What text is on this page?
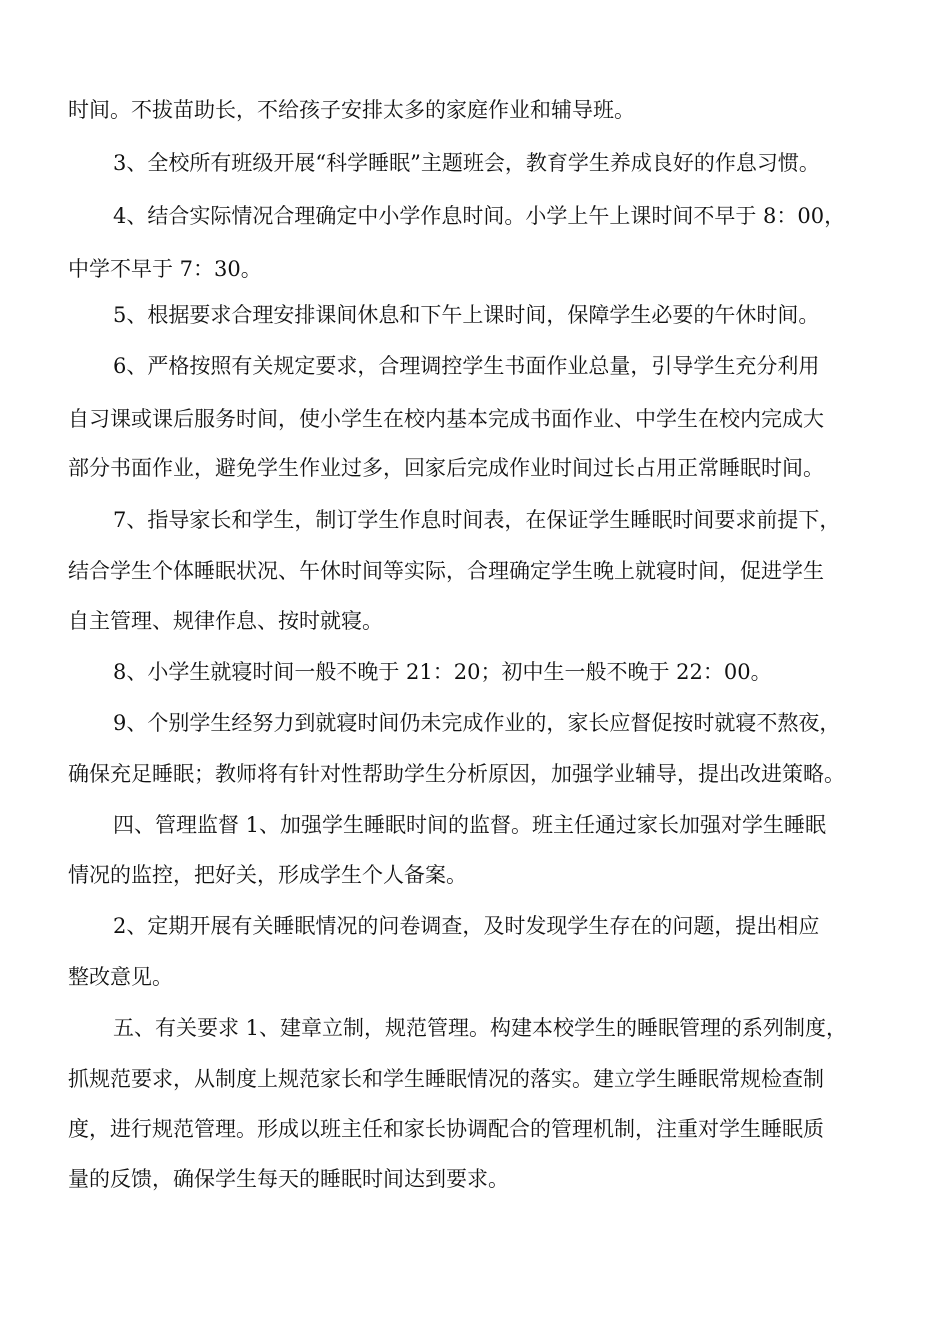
时间。不拔苗助长，不给孩子安排太多的家庭作业和辅导班。
3、全校所有班级开展“科学睡眠”主题班会，教育学生养成良好的作息习惯。
4、结合实际情况合理确定中小学作息时间。小学上午上课时间不早于 8：00，
中学不早于 7：30。
5、根据要求合理安排课间休息和下午上课时间，保障学生必要的午休时间。
6、严格按照有关规定要求，合理调控学生书面作业总量，引导学生充分利用
自习课或课后服务时间，使小学生在校内基本完成书面作业、中学生在校内完成大
部分书面作业，避免学生作业过多，回家后完成作业时间过长占用正常睡眠时间。
7、指导家长和学生，制订学生作息时间表，在保证学生睡眠时间要求前提下，
结合学生个体睡眠状况、午休时间等实际，合理确定学生晚上就寝时间，促进学生
自主管理、规律作息、按时就寝。
8、小学生就寝时间一般不晚于 21：20；初中生一般不晚于 22：00。
9、个别学生经努力到就寝时间仍未完成作业的，家长应督促按时就寝不熬夜，
确保充足睡眠；教师将有针对性帮助学生分析原因，加强学业辅导，提出改进策略。
四、管理监督 1、加强学生睡眠时间的监督。班主任通过家长加强对学生睡眠
情况的监控，把好关，形成学生个人备案。
2、定期开展有关睡眠情况的问卷调查，及时发现学生存在的问题，提出相应
整改意见。
五、有关要求 1、建章立制，规范管理。构建本校学生的睡眠管理的系列制度，
抓规范要求，从制度上规范家长和学生睡眠情况的落实。建立学生睡眠常规检查制
度，进行规范管理。形成以班主任和家长协调配合的管理机制，注重对学生睡眠质
量的反馈，确保学生每天的睡眠时间达到要求。
